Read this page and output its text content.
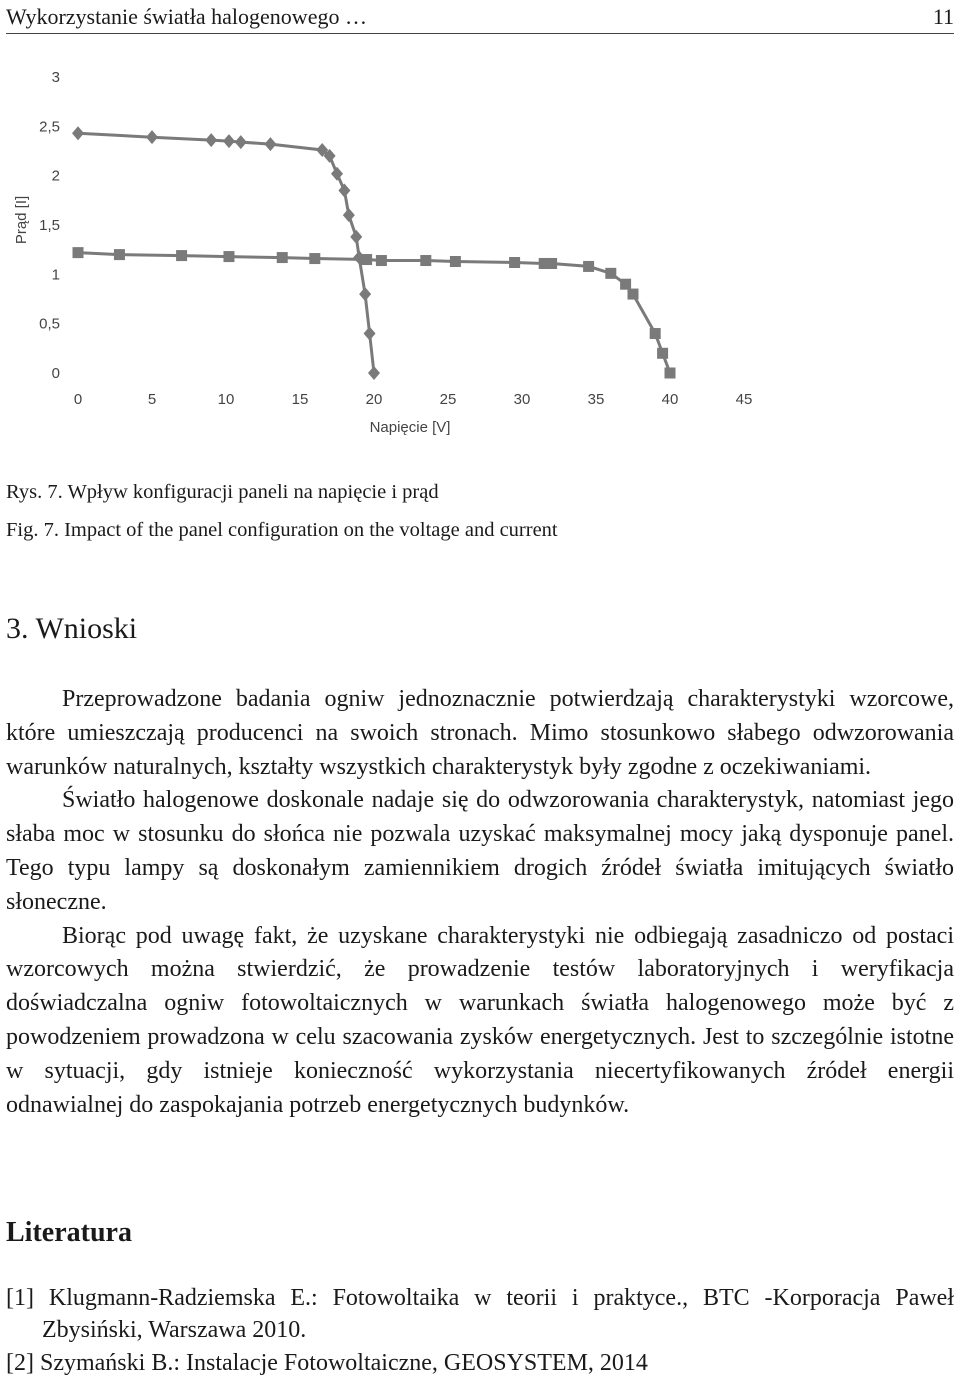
Wykorzystanie światła halogenowego …	11
Prąd [I]
Napięcie [V]
0	5	10	15	20	25	30	35	40	45
0
0,5
1
1,5
2
2,5
3
Rys. 7. Wpływ konfiguracji paneli na napięcie i prąd
Fig. 7. Impact of the panel configuration on the voltage and current
3. Wnioski

Przeprowadzone badania ogniw jednoznacznie potwierdzają charakterystyki wzorcowe, które umieszczają producenci na swoich stronach. Mimo stosunkowo słabego odwzorowania warunków naturalnych, kształty wszystkich charakterystyk były zgodne z oczekiwaniami.

Światło halogenowe doskonale nadaje się do odwzorowania charakterystyk, natomiast jego słaba moc w stosunku do słońca nie pozwala uzyskać maksymalnej mocy jaką dysponuje panel. Tego typu lampy są doskonałym zamiennikiem drogich źródeł światła imitujących światło słoneczne.

Biorąc pod uwagę fakt, że uzyskane charakterystyki nie odbiegają zasadniczo od postaci wzorcowych można stwierdzić, że prowadzenie testów laboratoryjnych i weryfikacja doświadczalna ogniw fotowoltaicznych w warunkach światła halogenowego może być z powodzeniem prowadzona w celu szacowania zysków energetycznych. Jest to szczególnie istotne w sytuacji, gdy istnieje konieczność wykorzystania niecertyfikowanych źródeł energii odnawialnej do zaspokajania potrzeb energetycznych budynków.

Literatura
[1] Klugmann-Radziemska E.: Fotowoltaika w teorii i praktyce., BTC -Korporacja Paweł Zbysiński, Warszawa 2010.
[2] Szymański B.: Instalacje Fotowoltaiczne, GEOSYSTEM, 2014
